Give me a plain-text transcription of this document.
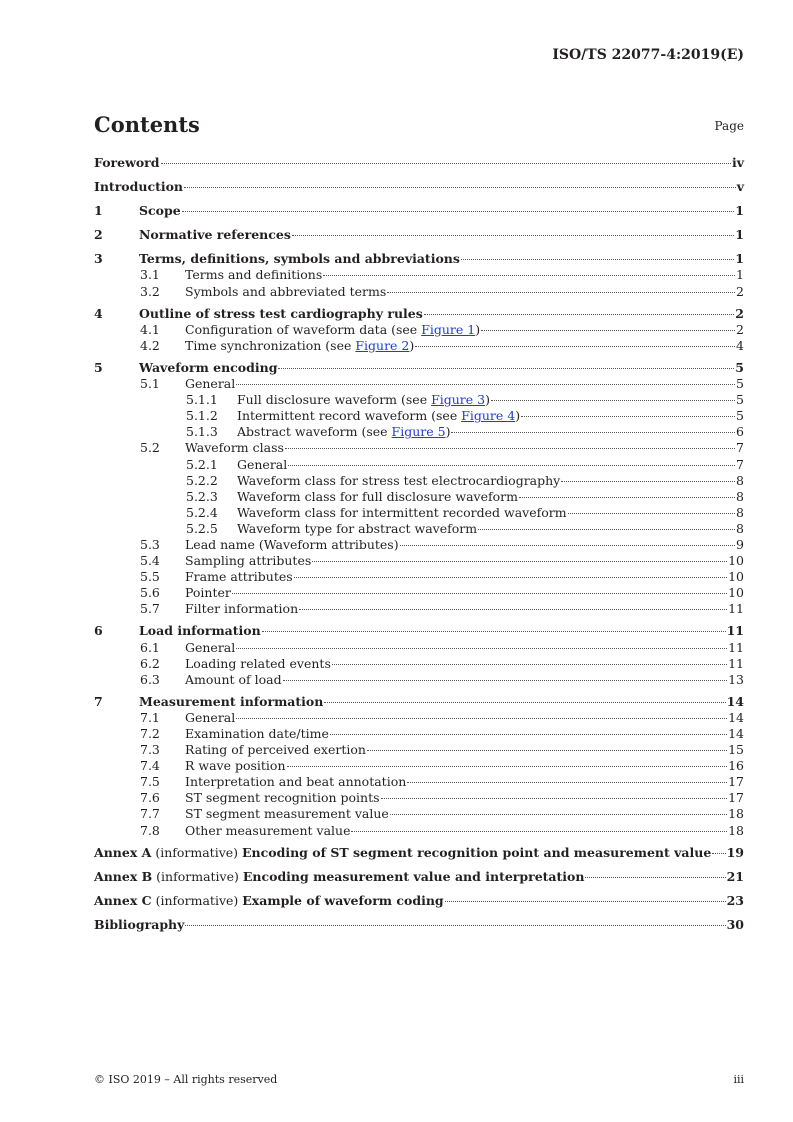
ISO/TS 22077-4:2019(E)
Contents	Page
Foreword	iv
Introduction	v
1	Scope	1
2	Normative references	1
3	Terms, definitions, symbols and abbreviations	1
3.1	Terms and definitions	1
3.2	Symbols and abbreviated terms	2
4	Outline of stress test cardiography rules	2
4.1	Configuration of waveform data (see Figure 1)	2
4.2	Time synchronization (see Figure 2)	4
5	Waveform encoding	5
5.1	General	5
5.1.1	Full disclosure waveform (see Figure 3)	5
5.1.2	Intermittent record waveform (see Figure 4)	5
5.1.3	Abstract waveform (see Figure 5)	6
5.2	Waveform class	7
5.2.1	General	7
5.2.2	Waveform class for stress test electrocardiography	8
5.2.3	Waveform class for full disclosure waveform	8
5.2.4	Waveform class for intermittent recorded waveform	8
5.2.5	Waveform type for abstract waveform	8
5.3	Lead name (Waveform attributes)	9
5.4	Sampling attributes	10
5.5	Frame attributes	10
5.6	Pointer	10
5.7	Filter information	11
6	Load information	11
6.1	General	11
6.2	Loading related events	11
6.3	Amount of load	13
7	Measurement information	14
7.1	General	14
7.2	Examination date/time	14
7.3	Rating of perceived exertion	15
7.4	R wave position	16
7.5	Interpretation and beat annotation	17
7.6	ST segment recognition points	17
7.7	ST segment measurement value	18
7.8	Other measurement value	18
Annex A (informative) Encoding of ST segment recognition point and measurement value 19
Annex B (informative) Encoding measurement value and interpretation	21
Annex C (informative) Example of waveform coding	23
Bibliography	30
© ISO 2019 – All rights reserved	iii
